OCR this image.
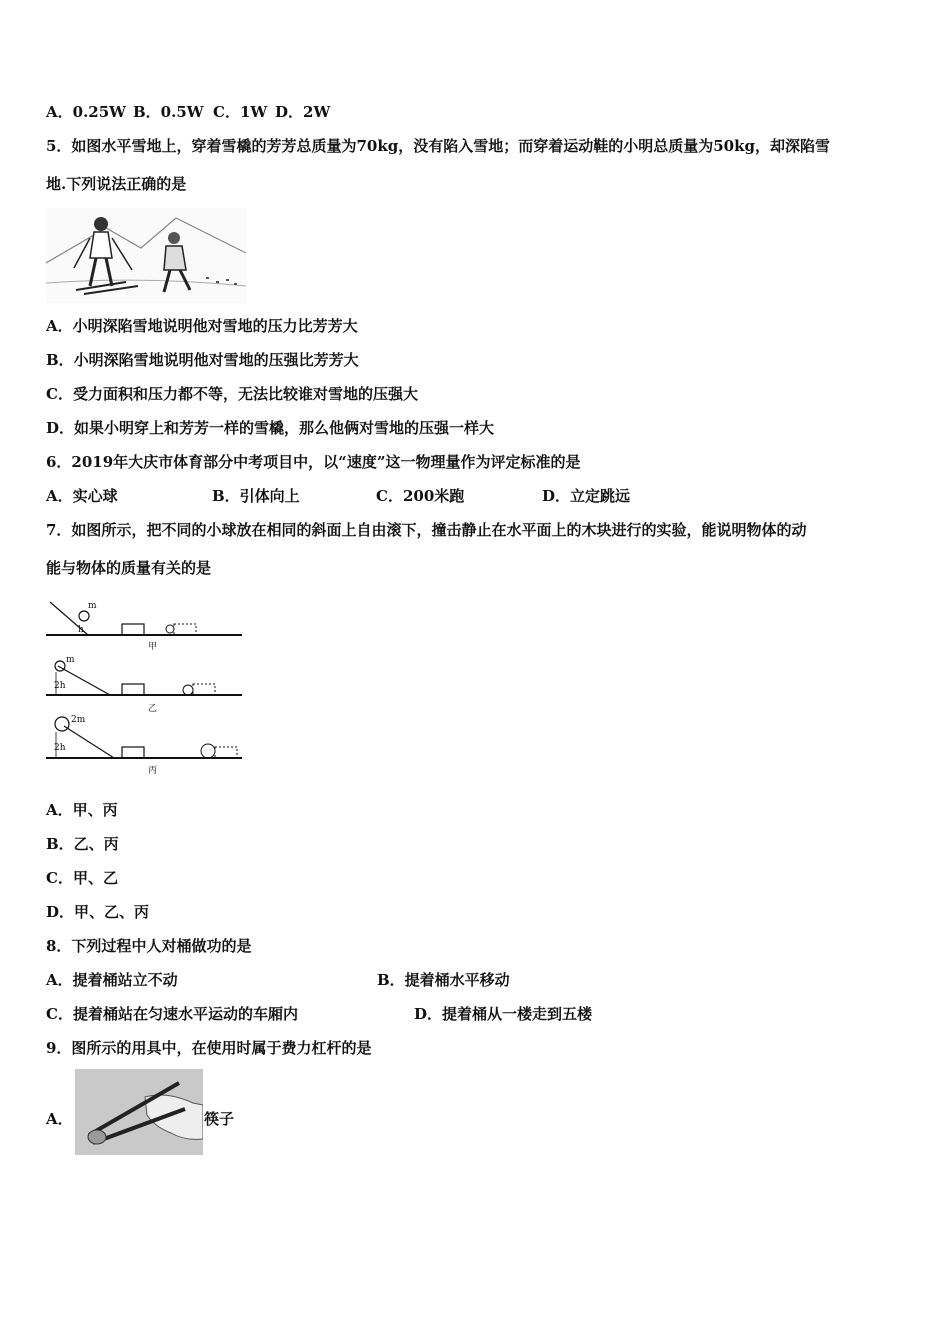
A．0.25W B．0.5W C．1W D．2W
5．如图水平雪地上，穿着雪橇的芳芳总质量为70kg，没有陷入雪地；而穿着运动鞋的小明总质量为50kg，却深陷雪
地.下列说法正确的是
A．小明深陷雪地说明他对雪地的压力比芳芳大
B．小明深陷雪地说明他对雪地的压强比芳芳大
C．受力面积和压力都不等，无法比较谁对雪地的压强大
D．如果小明穿上和芳芳一样的雪橇，那么他俩对雪地的压强一样大
6．2019年大庆市体育部分中考项目中，以“速度”这一物理量作为评定标准的是
A．实心球	B．引体向上	C．200米跑	D．立定跳远
7．如图所示，把不同的小球放在相同的斜面上自由滚下，撞击静止在水平面上的木块进行的实验，能说明物体的动
能与物体的质量有关的是
m
h
甲
m
2h
乙
2m
2h
丙
A．甲、丙
B．乙、丙
C．甲、乙
D．甲、乙、丙
8．下列过程中人对桶做功的是
A．提着桶站立不动	B．提着桶水平移动
C．提着桶站在匀速水平运动的车厢内	D．提着桶从一楼走到五楼
9．图所示的用具中，在使用时属于费力杠杆的是
A．	筷子
